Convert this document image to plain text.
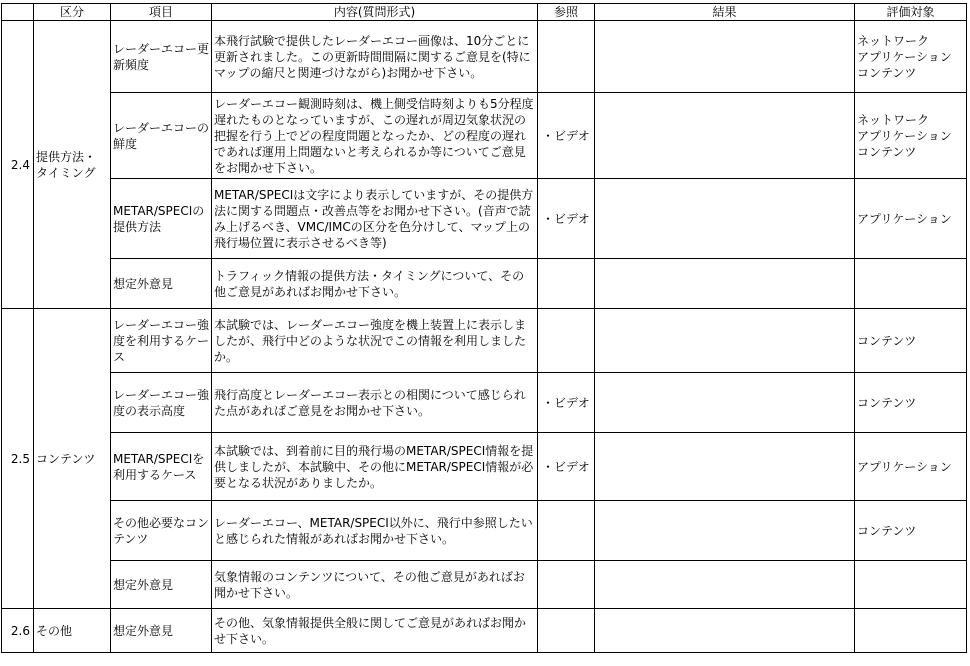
	区分	項目	内容(質問形式)	参照	結果	評価対象
2.4	提供方法・タイミング	レーダーエコー更新頻度	本飛行試験で提供したレーダーエコー画像は、10分ごとに更新されました。この更新時間間隔に関するご意見を(特にマップの縮尺と関連づけながら)お聞かせ下さい。			ネットワーク
アプリケーション
コンテンツ
		レーダーエコーの鮮度	レーダーエコー観測時刻は、機上側受信時刻よりも5分程度遅れたものとなっていますが、この遅れが周辺気象状況の把握を行う上でどの程度問題となったか、どの程度の遅れであれば運用上問題ないと考えられるか等についてご意見をお聞かせ下さい。	・ビデオ		ネットワーク
アプリケーション
コンテンツ
		METAR/SPECIの提供方法	METAR/SPECIは文字により表示していますが、その提供方法に関する問題点・改善点等をお聞かせ下さい。(音声で読み上げるべき、VMC/IMCの区分を色分けして、マップ上の飛行場位置に表示させるべき等)	・ビデオ		アプリケーション
		想定外意見	トラフィック情報の提供方法・タイミングについて、その他ご意見があればお聞かせ下さい。			
2.5	コンテンツ	レーダーエコー強度を利用するケース	本試験では、レーダーエコー強度を機上装置上に表示しましたが、飛行中どのような状況でこの情報を利用しましたか。			コンテンツ
		レーダーエコー強度の表示高度	飛行高度とレーダーエコー表示との相関について感じられた点があればご意見をお聞かせ下さい。	・ビデオ		コンテンツ
		METAR/SPECIを利用するケース	本試験では、到着前に目的飛行場のMETAR/SPECI情報を提供しましたが、本試験中、その他にMETAR/SPECI情報が必要となる状況がありましたか。	・ビデオ		アプリケーション
		その他必要なコンテンツ	レーダーエコー、METAR/SPECI以外に、飛行中参照したいと感じられた情報があればお聞かせ下さい。			コンテンツ
		想定外意見	気象情報のコンテンツについて、その他ご意見があればお聞かせ下さい。			
2.6	その他	想定外意見	その他、気象情報提供全般に関してご意見があればお聞かせ下さい。			
